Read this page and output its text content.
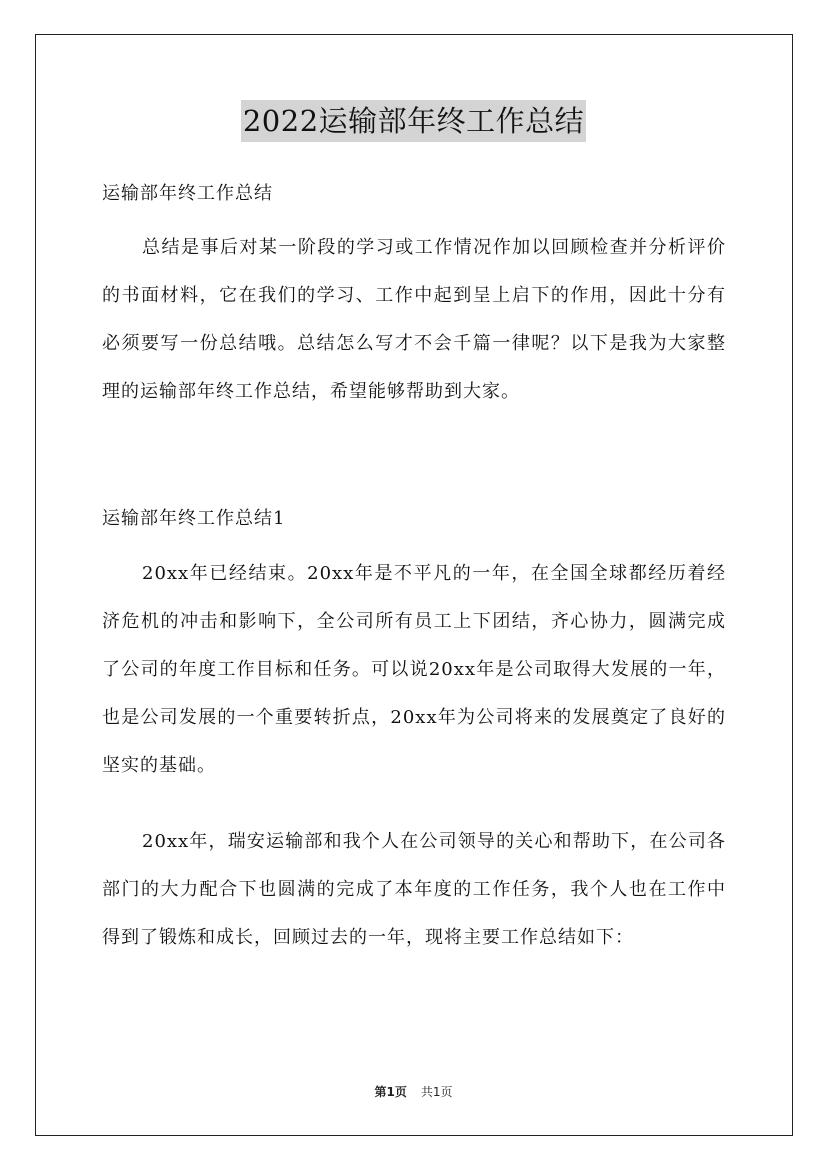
2022运输部年终工作总结

运输部年终工作总结

总结是事后对某一阶段的学习或工作情况作加以回顾检查并分析评价的书面材料，它在我们的学习、工作中起到呈上启下的作用，因此十分有必须要写一份总结哦。总结怎么写才不会千篇一律呢？以下是我为大家整理的运输部年终工作总结，希望能够帮助到大家。

运输部年终工作总结1

20xx年已经结束。20xx年是不平凡的一年，在全国全球都经历着经济危机的冲击和影响下，全公司所有员工上下团结，齐心协力，圆满完成了公司的年度工作目标和任务。可以说20xx年是公司取得大发展的一年，也是公司发展的一个重要转折点，20xx年为公司将来的发展奠定了良好的坚实的基础。

20xx年，瑞安运输部和我个人在公司领导的关心和帮助下，在公司各部门的大力配合下也圆满的完成了本年度的工作任务，我个人也在工作中得到了锻炼和成长，回顾过去的一年，现将主要工作总结如下：

第1页 共1页
